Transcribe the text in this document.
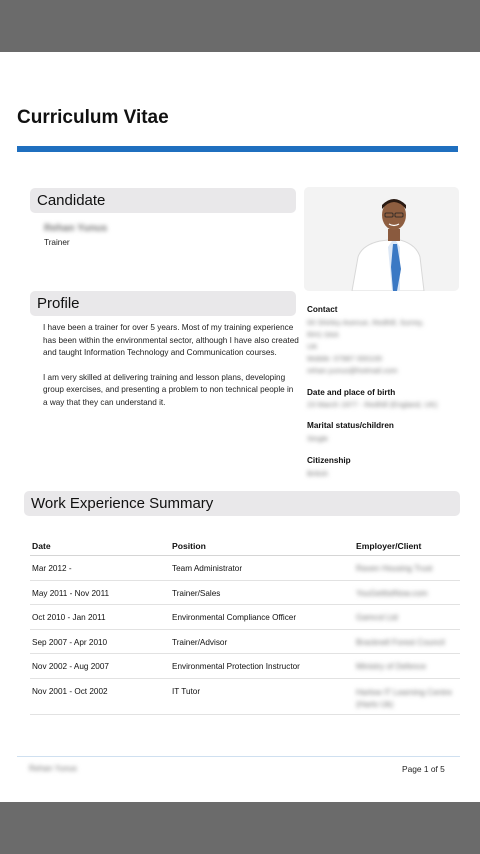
Curriculum Vitae
Candidate
Rehan Yunus
Trainer
Profile

I have been a trainer for over 5 years. Most of my training experience has been within the environmental sector, although I have also created and taught Information Technology and Communication courses.

I am very skilled at delivering training and lesson plans, developing group exercises, and presenting a problem to non technical people in a way that they can understand it.

Contact
00 Shirley Avenue, Redhill, Surrey,
RH1 0AA
UK
Mobile: 07987 000100
rehan.yunus@hotmail.com
Date and place of birth
23 March 1977 - Redhill (England, UK)
Marital status/children
Single
Citizenship
British
Work Experience Summary
Date	Position	Employer/Client
Mar 2012 -	Team Administrator	Raven Housing Trust
May 2011 - Nov 2011	Trainer/Sales	YouGetItstNow.com
Oct 2010 - Jan 2011	Environmental Compliance Officer	Gamcol Ltd
Sep 2007 - Apr 2010	Trainer/Advisor	Bracknell Forest Council
Nov 2002 - Aug 2007	Environmental Protection Instructor	Ministry of Defence
Nov 2001 - Oct 2002	IT Tutor	Harlow IT Learning Centre (Harlo Uk)
Rehan Yunus	Page 1 of 5
